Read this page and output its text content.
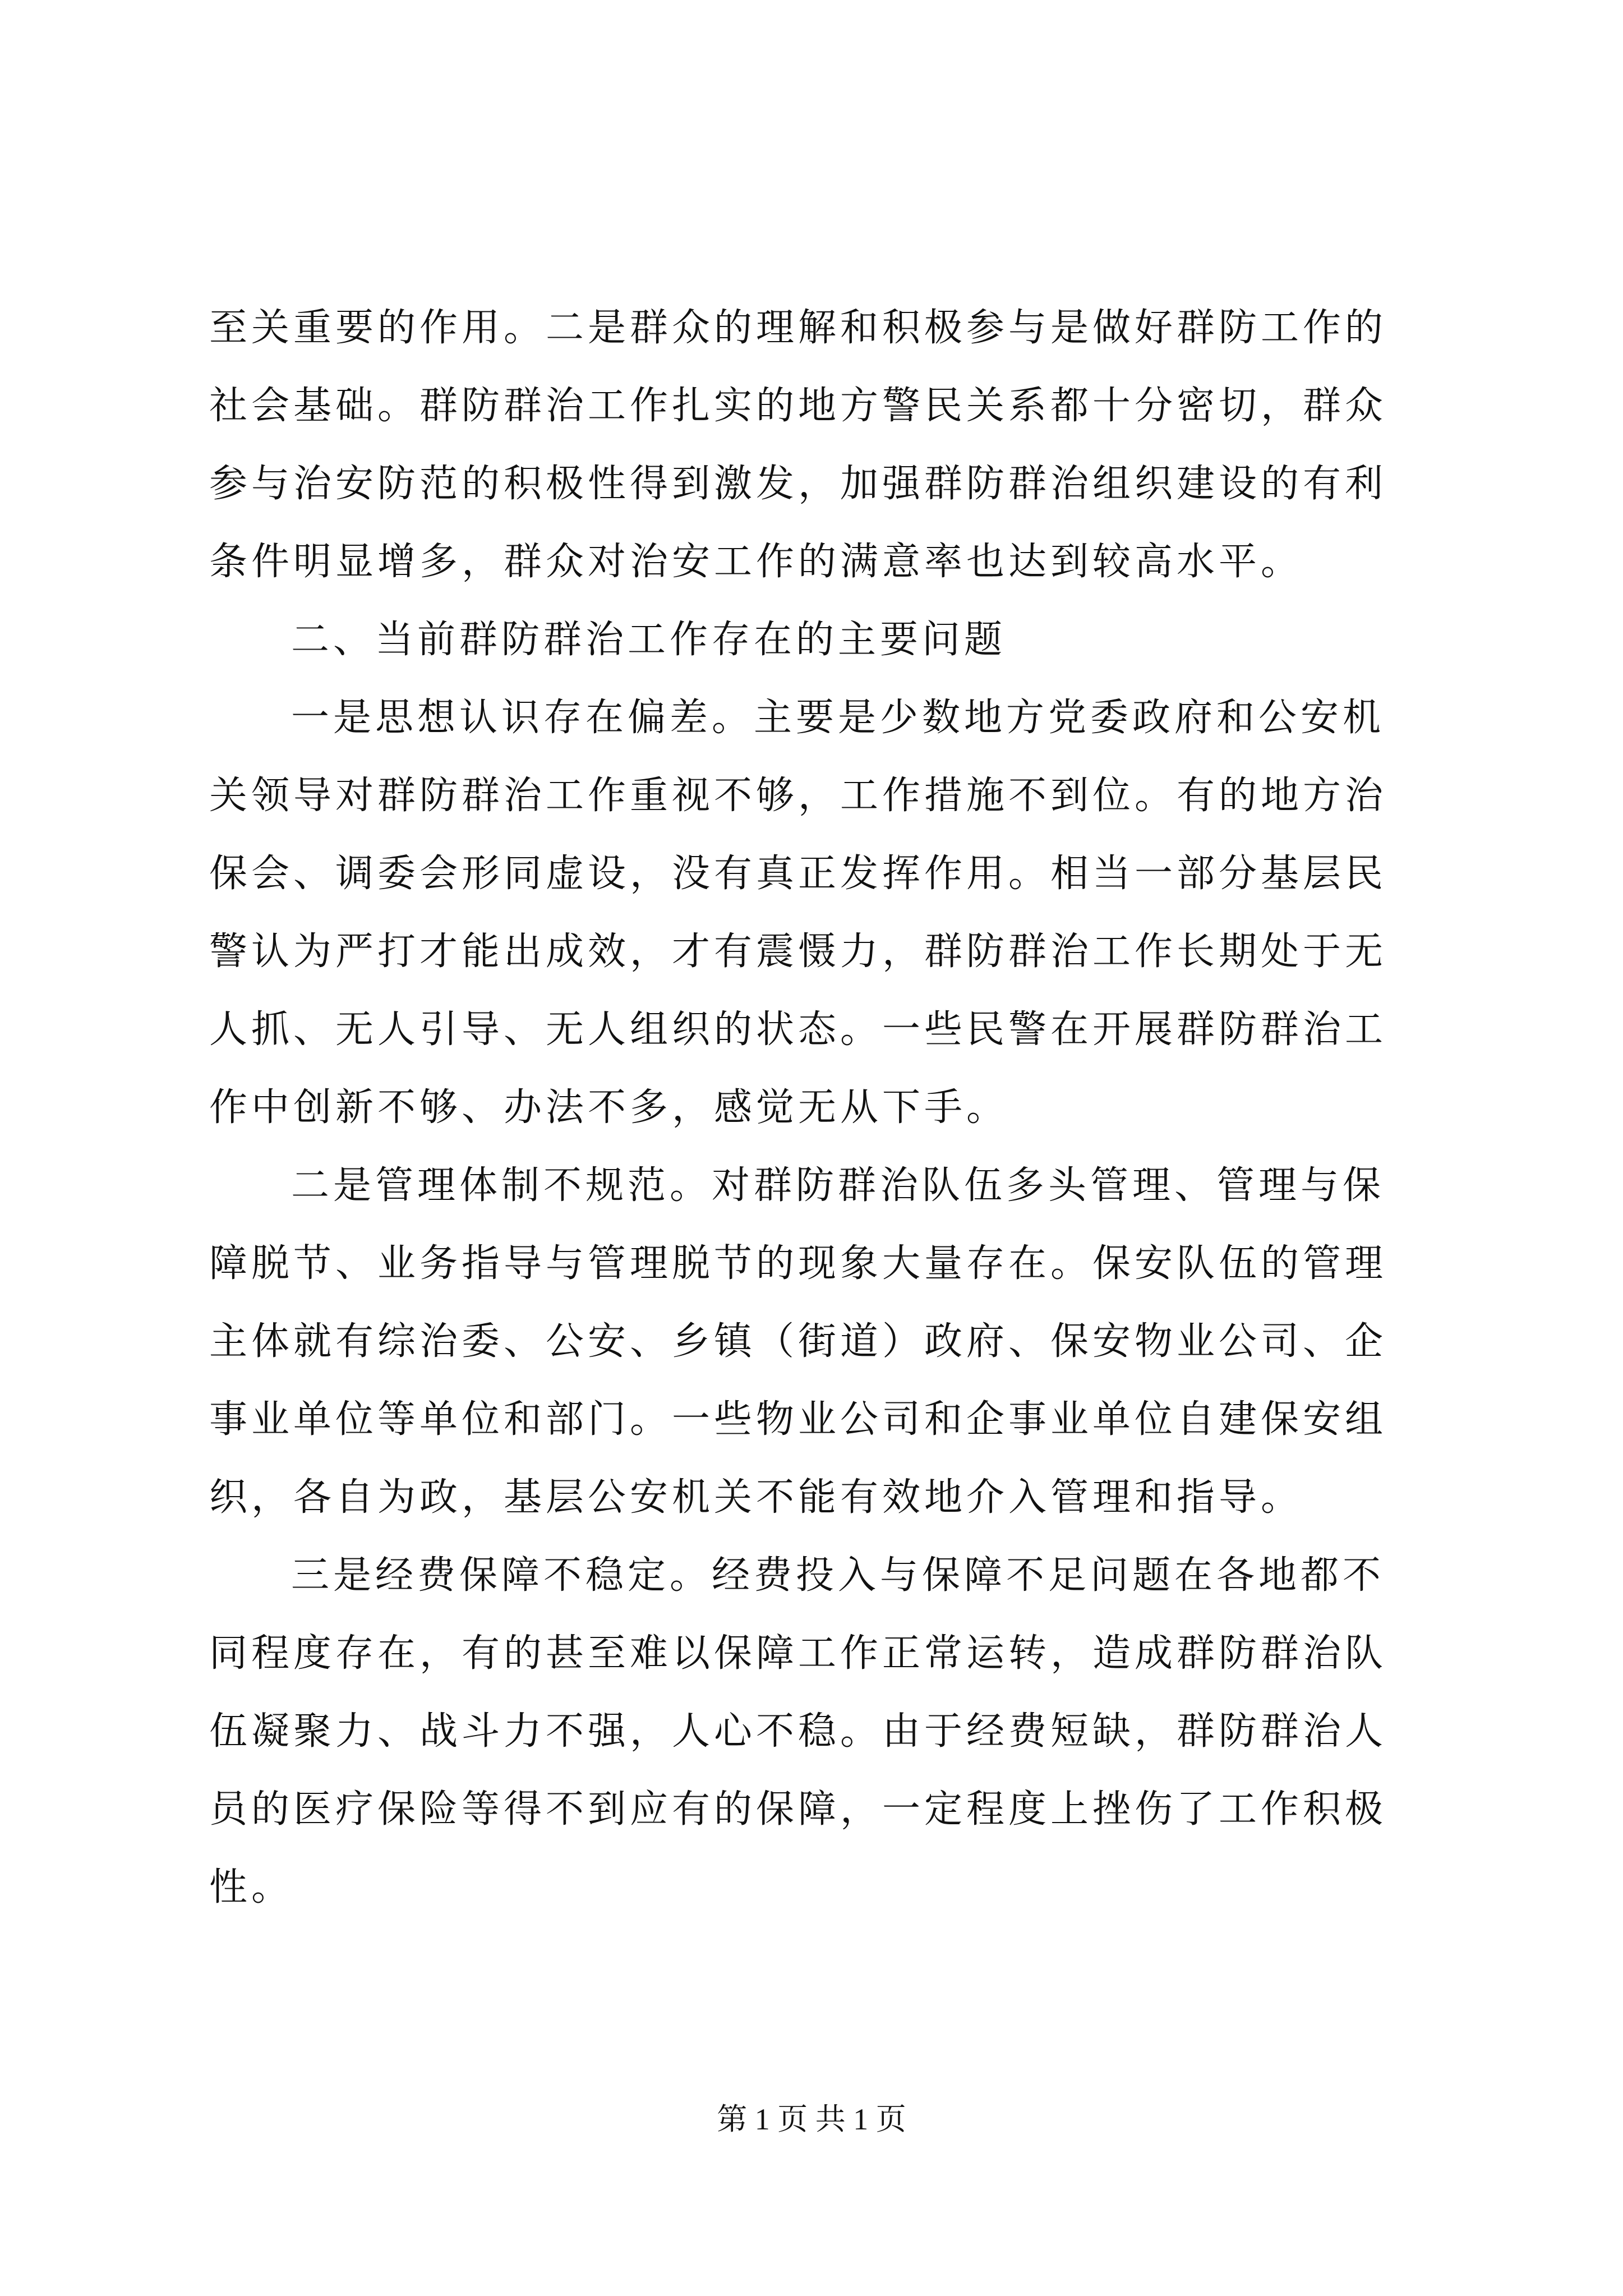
至关重要的作用。二是群众的理解和积极参与是做好群防工作的
社会基础。群防群治工作扎实的地方警民关系都十分密切，群众
参与治安防范的积极性得到激发，加强群防群治组织建设的有利
条件明显增多，群众对治安工作的满意率也达到较高水平。
二、当前群防群治工作存在的主要问题
一是思想认识存在偏差。主要是少数地方党委政府和公安机
关领导对群防群治工作重视不够，工作措施不到位。有的地方治
保会、调委会形同虚设，没有真正发挥作用。相当一部分基层民
警认为严打才能出成效，才有震慑力，群防群治工作长期处于无
人抓、无人引导、无人组织的状态。一些民警在开展群防群治工
作中创新不够、办法不多，感觉无从下手。
二是管理体制不规范。对群防群治队伍多头管理、管理与保
障脱节、业务指导与管理脱节的现象大量存在。保安队伍的管理
主体就有综治委、公安、乡镇（街道）政府、保安物业公司、企
事业单位等单位和部门。一些物业公司和企事业单位自建保安组
织，各自为政，基层公安机关不能有效地介入管理和指导。
三是经费保障不稳定。经费投入与保障不足问题在各地都不
同程度存在，有的甚至难以保障工作正常运转，造成群防群治队
伍凝聚力、战斗力不强，人心不稳。由于经费短缺，群防群治人
员的医疗保险等得不到应有的保障，一定程度上挫伤了工作积极
性。
第 1 页 共 1 页
